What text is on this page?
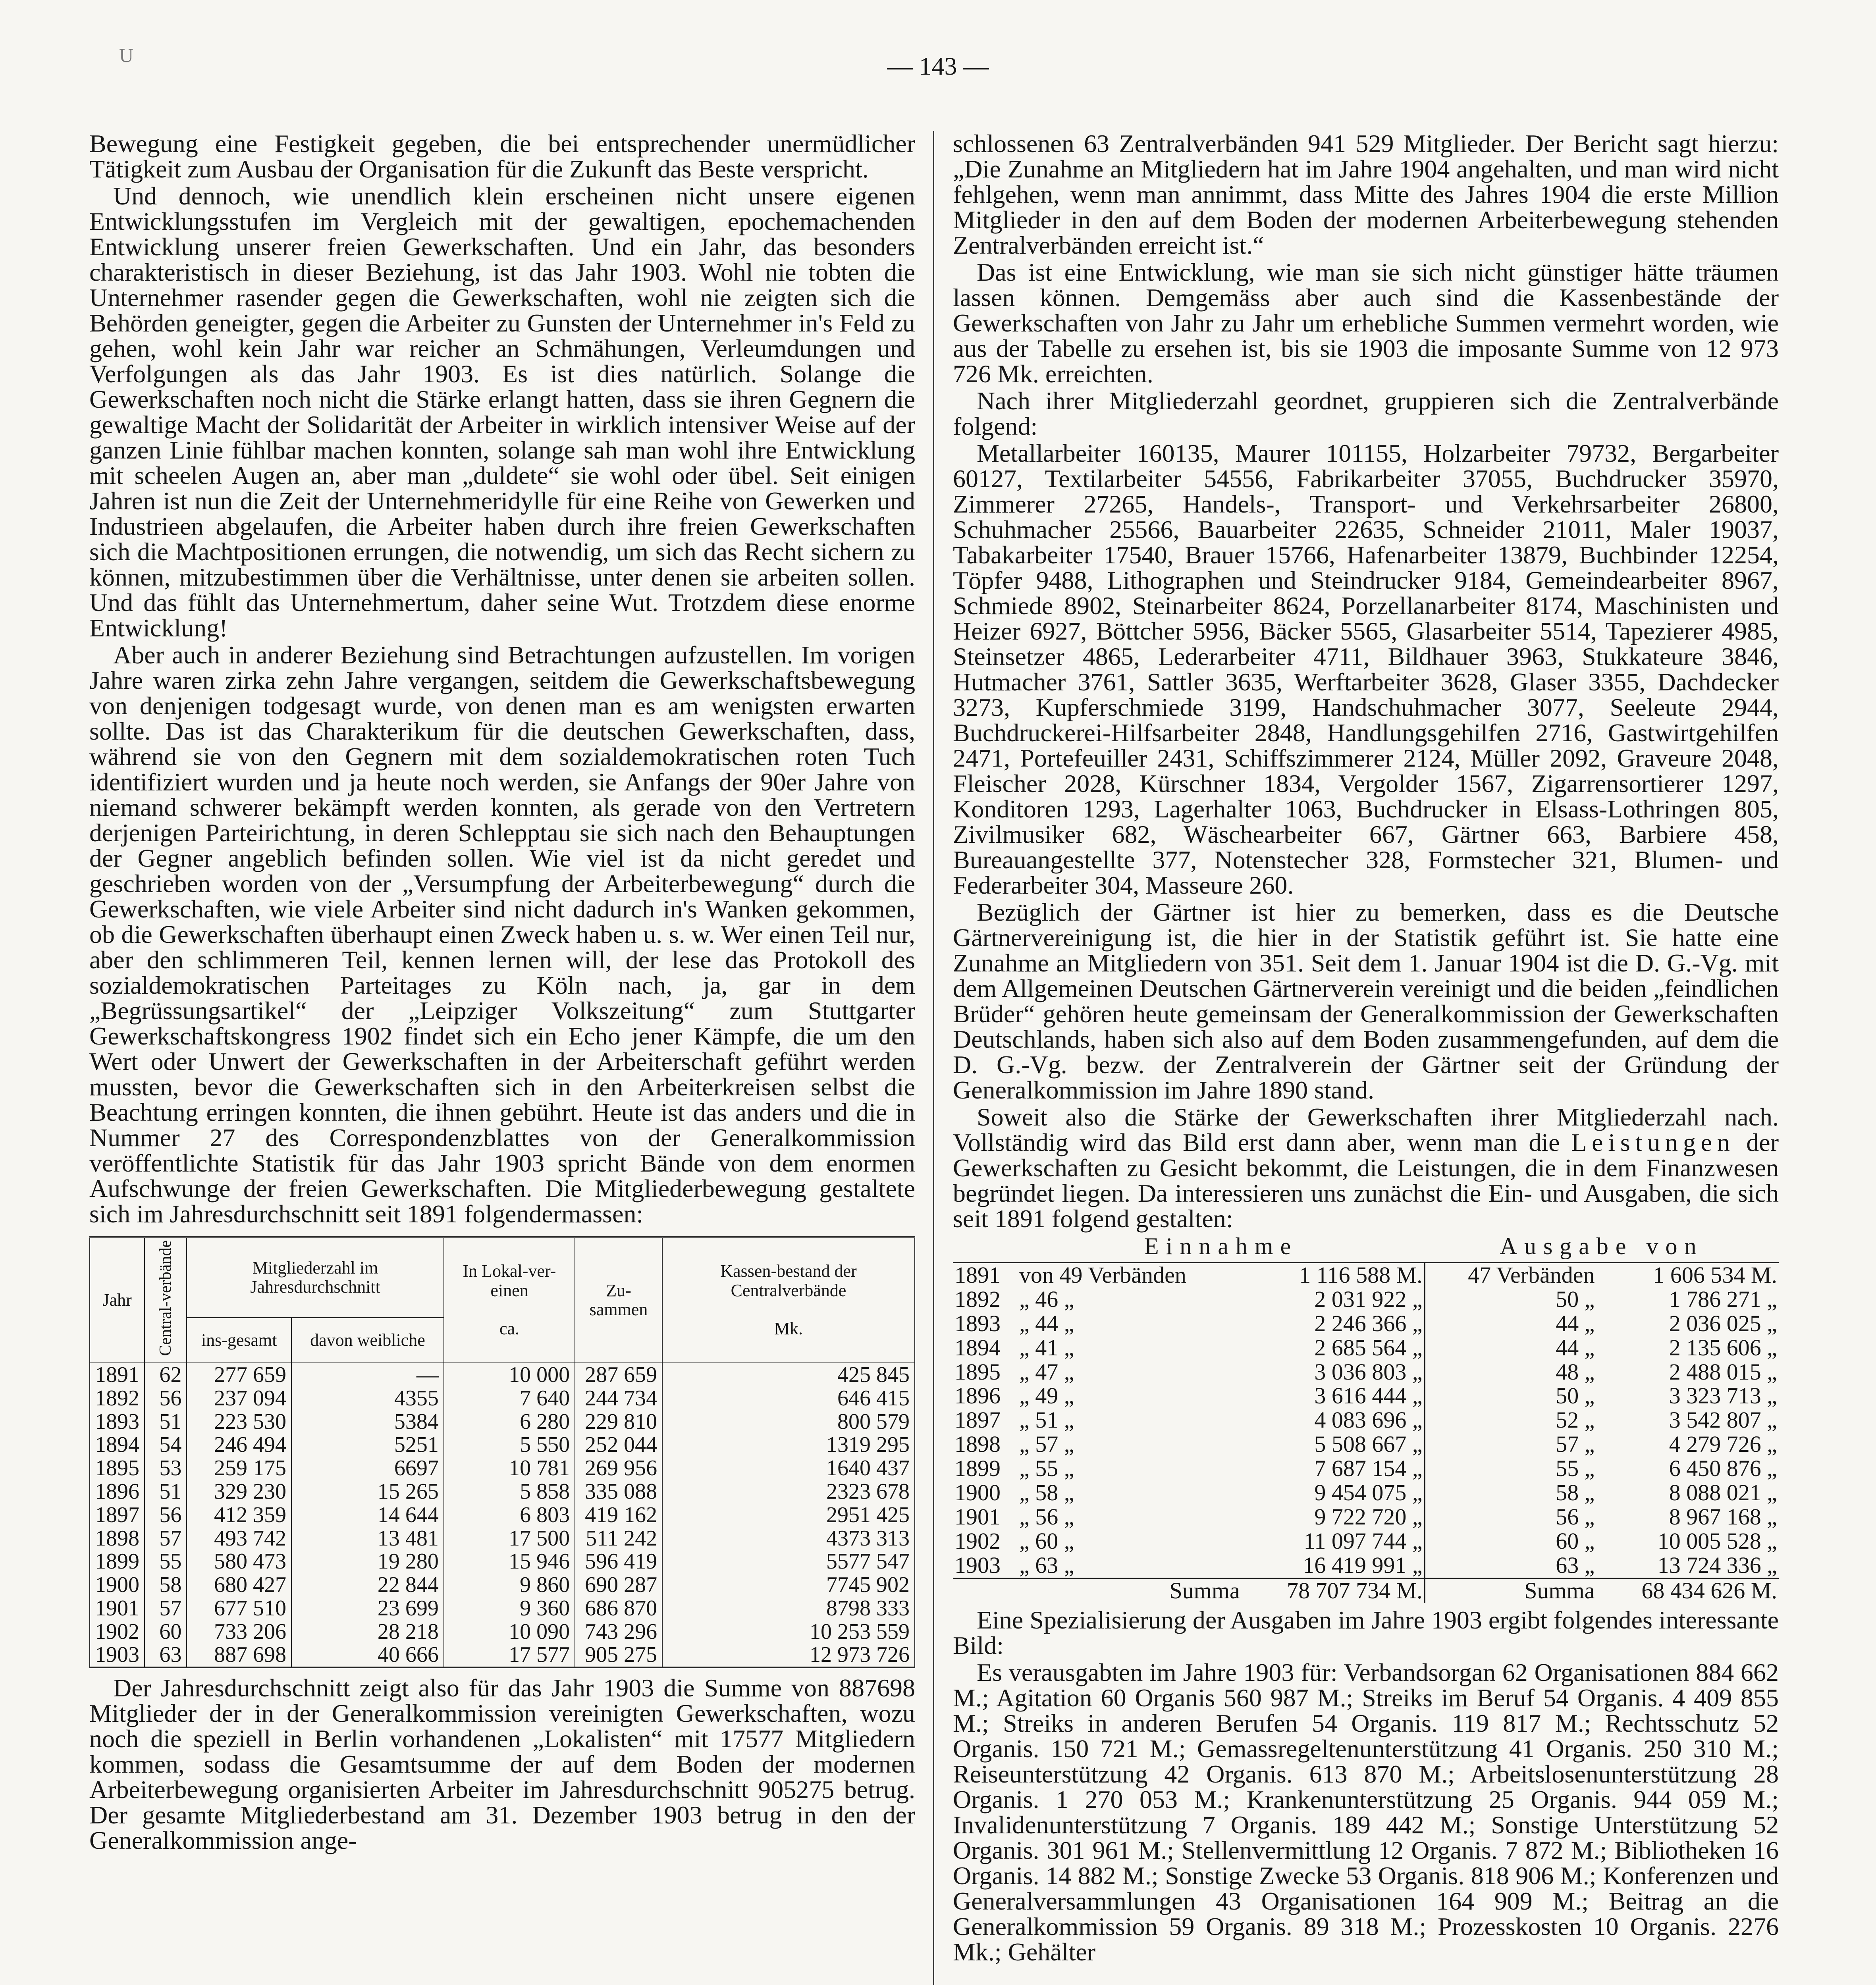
U	— 143 —

Bewegung eine Festigkeit gegeben, die bei entsprechender unermüdlicher Tätigkeit zum Ausbau der Organisation für die Zukunft das Beste verspricht.

Und dennoch, wie unendlich klein erscheinen nicht unsere eigenen Entwicklungsstufen im Vergleich mit der gewaltigen, epochemachenden Entwicklung unserer freien Gewerkschaften. Und ein Jahr, das besonders charakteristisch in dieser Beziehung, ist das Jahr 1903. Wohl nie tobten die Unternehmer rasender gegen die Gewerkschaften, wohl nie zeigten sich die Behörden geneigter, gegen die Arbeiter zu Gunsten der Unternehmer in's Feld zu gehen, wohl kein Jahr war reicher an Schmähungen, Verleumdungen und Verfolgungen als das Jahr 1903. Es ist dies natürlich. Solange die Gewerkschaften noch nicht die Stärke erlangt hatten, dass sie ihren Gegnern die gewaltige Macht der Solidarität der Arbeiter in wirklich intensiver Weise auf der ganzen Linie fühlbar machen konnten, solange sah man wohl ihre Entwicklung mit scheelen Augen an, aber man „duldete“ sie wohl oder übel. Seit einigen Jahren ist nun die Zeit der Unternehmeridylle für eine Reihe von Gewerken und Industrieen abgelaufen, die Arbeiter haben durch ihre freien Gewerkschaften sich die Machtpositionen errungen, die notwendig, um sich das Recht sichern zu können, mitzubestimmen über die Verhältnisse, unter denen sie arbeiten sollen. Und das fühlt das Unternehmertum, daher seine Wut. Trotzdem diese enorme Entwicklung!

Aber auch in anderer Beziehung sind Betrachtungen aufzustellen. Im vorigen Jahre waren zirka zehn Jahre vergangen, seitdem die Gewerkschaftsbewegung von denjenigen todgesagt wurde, von denen man es am wenigsten erwarten sollte. Das ist das Charakterikum für die deutschen Gewerkschaften, dass, während sie von den Gegnern mit dem sozialdemokratischen roten Tuch identifiziert wurden und ja heute noch werden, sie Anfangs der 90er Jahre von niemand schwerer bekämpft werden konnten, als gerade von den Vertretern derjenigen Parteirichtung, in deren Schlepptau sie sich nach den Behauptungen der Gegner angeblich befinden sollen. Wie viel ist da nicht geredet und geschrieben worden von der „Versumpfung der Arbeiterbewegung“ durch die Gewerkschaften, wie viele Arbeiter sind nicht dadurch in's Wanken gekommen, ob die Gewerkschaften überhaupt einen Zweck haben u. s. w. Wer einen Teil nur, aber den schlimmeren Teil, kennen lernen will, der lese das Protokoll des sozialdemokratischen Parteitages zu Köln nach, ja, gar in dem „Begrüssungsartikel“ der „Leipziger Volkszeitung“ zum Stuttgarter Gewerkschaftskongress 1902 findet sich ein Echo jener Kämpfe, die um den Wert oder Unwert der Gewerkschaften in der Arbeiterschaft geführt werden mussten, bevor die Gewerkschaften sich in den Arbeiterkreisen selbst die Beachtung erringen konnten, die ihnen gebührt. Heute ist das anders und die in Nummer 27 des Correspondenzblattes von der Generalkommission veröffentlichte Statistik für das Jahr 1903 spricht Bände von dem enormen Aufschwunge der freien Gewerkschaften. Die Mitgliederbewegung gestaltete sich im Jahresdurchschnitt seit 1891 folgendermassen:

Jahr	Central-verbände	Mitgliederzahl im Jahresdurchschnitt		In Lokal-ver-einen

ca.	Zu-sammen	Kassen-bestand der Centralverbände

Mk.
		ins-gesamt	davon weibliche			
1891	62	277 659	—	10 000	287 659	425 845
1892	56	237 094	4355	7 640	244 734	646 415
1893	51	223 530	5384	6 280	229 810	800 579
1894	54	246 494	5251	5 550	252 044	1319 295
1895	53	259 175	6697	10 781	269 956	1640 437
1896	51	329 230	15 265	5 858	335 088	2323 678
1897	56	412 359	14 644	6 803	419 162	2951 425
1898	57	493 742	13 481	17 500	511 242	4373 313
1899	55	580 473	19 280	15 946	596 419	5577 547
1900	58	680 427	22 844	9 860	690 287	7745 902
1901	57	677 510	23 699	9 360	686 870	8798 333
1902	60	733 206	28 218	10 090	743 296	10 253 559
1903	63	887 698	40 666	17 577	905 275	12 973 726

Der Jahresdurchschnitt zeigt also für das Jahr 1903 die Summe von 887698 Mitglieder der in der Generalkommission vereinigten Gewerkschaften, wozu noch die speziell in Berlin vorhandenen „Lokalisten“ mit 17577 Mitgliedern kommen, sodass die Gesamtsumme der auf dem Boden der modernen Arbeiterbewegung organisierten Arbeiter im Jahresdurchschnitt 905275 betrug. Der gesamte Mitgliederbestand am 31. Dezember 1903 betrug in den der Generalkommission ange-

schlossenen 63 Zentralverbänden 941 529 Mitglieder. Der Bericht sagt hierzu: „Die Zunahme an Mitgliedern hat im Jahre 1904 angehalten, und man wird nicht fehlgehen, wenn man annimmt, dass Mitte des Jahres 1904 die erste Million Mitglieder in den auf dem Boden der modernen Arbeiterbewegung stehenden Zentralverbänden erreicht ist.“

Das ist eine Entwicklung, wie man sie sich nicht günstiger hätte träumen lassen können. Demgemäss aber auch sind die Kassenbestände der Gewerkschaften von Jahr zu Jahr um erhebliche Summen vermehrt worden, wie aus der Tabelle zu ersehen ist, bis sie 1903 die imposante Summe von 12 973 726 Mk. erreichten.

Nach ihrer Mitgliederzahl geordnet, gruppieren sich die Zentralverbände folgend:

Metallarbeiter 160135, Maurer 101155, Holzarbeiter 79732, Bergarbeiter 60127, Textilarbeiter 54556, Fabrikarbeiter 37055, Buchdrucker 35970, Zimmerer 27265, Handels-, Transport- und Verkehrsarbeiter 26800, Schuhmacher 25566, Bauarbeiter 22635, Schneider 21011, Maler 19037, Tabakarbeiter 17540, Brauer 15766, Hafenarbeiter 13879, Buchbinder 12254, Töpfer 9488, Lithographen und Steindrucker 9184, Gemeindearbeiter 8967, Schmiede 8902, Steinarbeiter 8624, Porzellanarbeiter 8174, Maschinisten und Heizer 6927, Böttcher 5956, Bäcker 5565, Glasarbeiter 5514, Tapezierer 4985, Steinsetzer 4865, Lederarbeiter 4711, Bildhauer 3963, Stukkateure 3846, Hutmacher 3761, Sattler 3635, Werftarbeiter 3628, Glaser 3355, Dachdecker 3273, Kupferschmiede 3199, Handschuhmacher 3077, Seeleute 2944, Buchdruckerei-Hilfsarbeiter 2848, Handlungsgehilfen 2716, Gastwirtgehilfen 2471, Portefeuiller 2431, Schiffszimmerer 2124, Müller 2092, Graveure 2048, Fleischer 2028, Kürschner 1834, Vergolder 1567, Zigarrensortierer 1297, Konditoren 1293, Lagerhalter 1063, Buchdrucker in Elsass-Lothringen 805, Zivilmusiker 682, Wäschearbeiter 667, Gärtner 663, Barbiere 458, Bureauangestellte 377, Notenstecher 328, Formstecher 321, Blumen- und Federarbeiter 304, Masseure 260.

Bezüglich der Gärtner ist hier zu bemerken, dass es die Deutsche Gärtnervereinigung ist, die hier in der Statistik geführt ist. Sie hatte eine Zunahme an Mitgliedern von 351. Seit dem 1. Januar 1904 ist die D. G.-Vg. mit dem Allgemeinen Deutschen Gärtnerverein vereinigt und die beiden „feindlichen Brüder“ gehören heute gemeinsam der Generalkommission der Gewerkschaften Deutschlands, haben sich also auf dem Boden zusammengefunden, auf dem die D. G.-Vg. bezw. der Zentralverein der Gärtner seit der Gründung der Generalkommission im Jahre 1890 stand.

Soweit also die Stärke der Gewerkschaften ihrer Mitgliederzahl nach. Vollständig wird das Bild erst dann aber, wenn man die Leistungen der Gewerkschaften zu Gesicht bekommt, die Leistungen, die in dem Finanzwesen begründet liegen. Da interessieren uns zunächst die Ein- und Ausgaben, die sich seit 1891 folgend gestalten:

	Einnahme		Ausgabe von	
1891	von 49 Verbänden	1 116 588 M.	47 Verbänden	1 606 534 M.
1892	„ 46 „	2 031 922 „	50 „	1 786 271 „
1893	„ 44 „	2 246 366 „	44 „	2 036 025 „
1894	„ 41 „	2 685 564 „	44 „	2 135 606 „
1895	„ 47 „	3 036 803 „	48 „	2 488 015 „
1896	„ 49 „	3 616 444 „	50 „	3 323 713 „
1897	„ 51 „	4 083 696 „	52 „	3 542 807 „
1898	„ 57 „	5 508 667 „	57 „	4 279 726 „
1899	„ 55 „	7 687 154 „	55 „	6 450 876 „
1900	„ 58 „	9 454 075 „	58 „	8 088 021 „
1901	„ 56 „	9 722 720 „	56 „	8 967 168 „
1902	„ 60 „	11 097 744 „	60 „	10 005 528 „
1903	„ 63 „	16 419 991 „	63 „	13 724 336 „
	Summa	78 707 734 M.	Summa	68 434 626 M.

Eine Spezialisierung der Ausgaben im Jahre 1903 ergibt folgendes interessante Bild:

Es verausgabten im Jahre 1903 für: Verbandsorgan 62 Organisationen 884 662 M.; Agitation 60 Organis 560 987 M.; Streiks im Beruf 54 Organis. 4 409 855 M.; Streiks in anderen Berufen 54 Organis. 119 817 M.; Rechtsschutz 52 Organis. 150 721 M.; Gemassregeltenunterstützung 41 Organis. 250 310 M.; Reiseunterstützung 42 Organis. 613 870 M.; Arbeitslosenunterstützung 28 Organis. 1 270 053 M.; Krankenunterstützung 25 Organis. 944 059 M.; Invalidenunterstützung 7 Organis. 189 442 M.; Sonstige Unterstützung 52 Organis. 301 961 M.; Stellenvermittlung 12 Organis. 7 872 M.; Bibliotheken 16 Organis. 14 882 M.; Sonstige Zwecke 53 Organis. 818 906 M.; Konferenzen und Generalversammlungen 43 Organisationen 164 909 M.; Beitrag an die Generalkommission 59 Organis. 89 318 M.; Prozesskosten 10 Organis. 2276 Mk.; Gehälter
